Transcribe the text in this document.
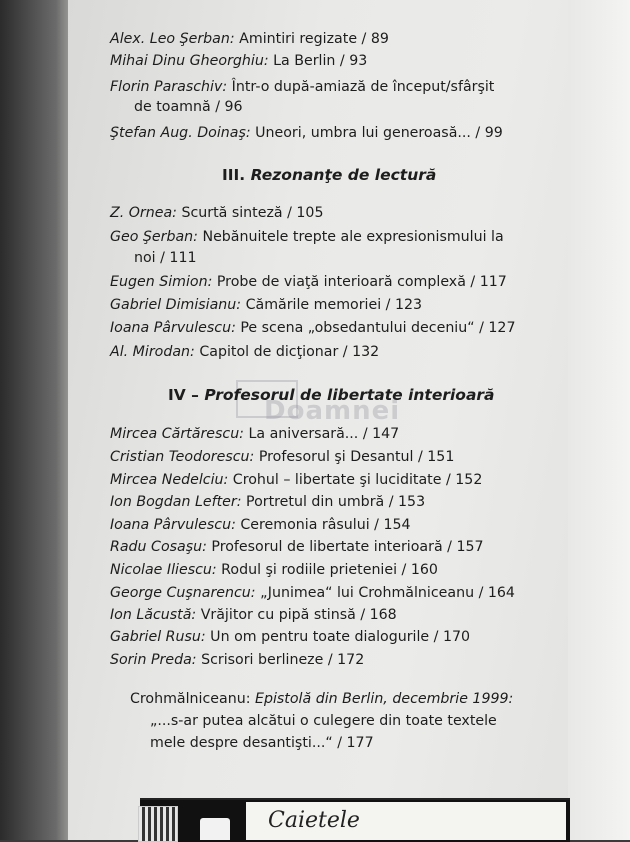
Doamnei
Alex. Leo Şerban: Amintiri regizate / 89
Mihai Dinu Gheorghiu: La Berlin / 93
Florin Paraschiv: Într-o după-amiază de început/sfârşit
de toamnă / 96
Ştefan Aug. Doinaş: Uneori, umbra lui generoasă... / 99
III. Rezonanţe de lectură
Z. Ornea: Scurtă sinteză / 105
Geo Şerban: Nebănuitele trepte ale expresionismului la
noi / 111
Eugen Simion: Probe de viaţă interioară complexă / 117
Gabriel Dimisianu: Cămările memoriei / 123
Ioana Pârvulescu: Pe scena „obsedantului deceniu“ / 127
Al. Mirodan: Capitol de dicţionar / 132
IV – Profesorul de libertate interioară
Mircea Cărtărescu: La aniversară... / 147
Cristian Teodorescu: Profesorul şi Desantul / 151
Mircea Nedelciu: Crohul – libertate şi luciditate / 152
Ion Bogdan Lefter: Portretul din umbră / 153
Ioana Pârvulescu: Ceremonia râsului / 154
Radu Cosaşu: Profesorul de libertate interioară / 157
Nicolae Iliescu: Rodul şi rodiile prieteniei / 160
George Cuşnarencu: „Junimea“ lui Crohmălniceanu / 164
Ion Lăcustă: Vrăjitor cu pipă stinsă / 168
Gabriel Rusu: Un om pentru toate dialogurile / 170
Sorin Preda: Scrisori berlineze / 172
Crohmălniceanu: Epistolă din Berlin, decembrie 1999:
„...s-ar putea alcătui o culegere din toate textele
mele despre desantişti...“ / 177
Caietele
